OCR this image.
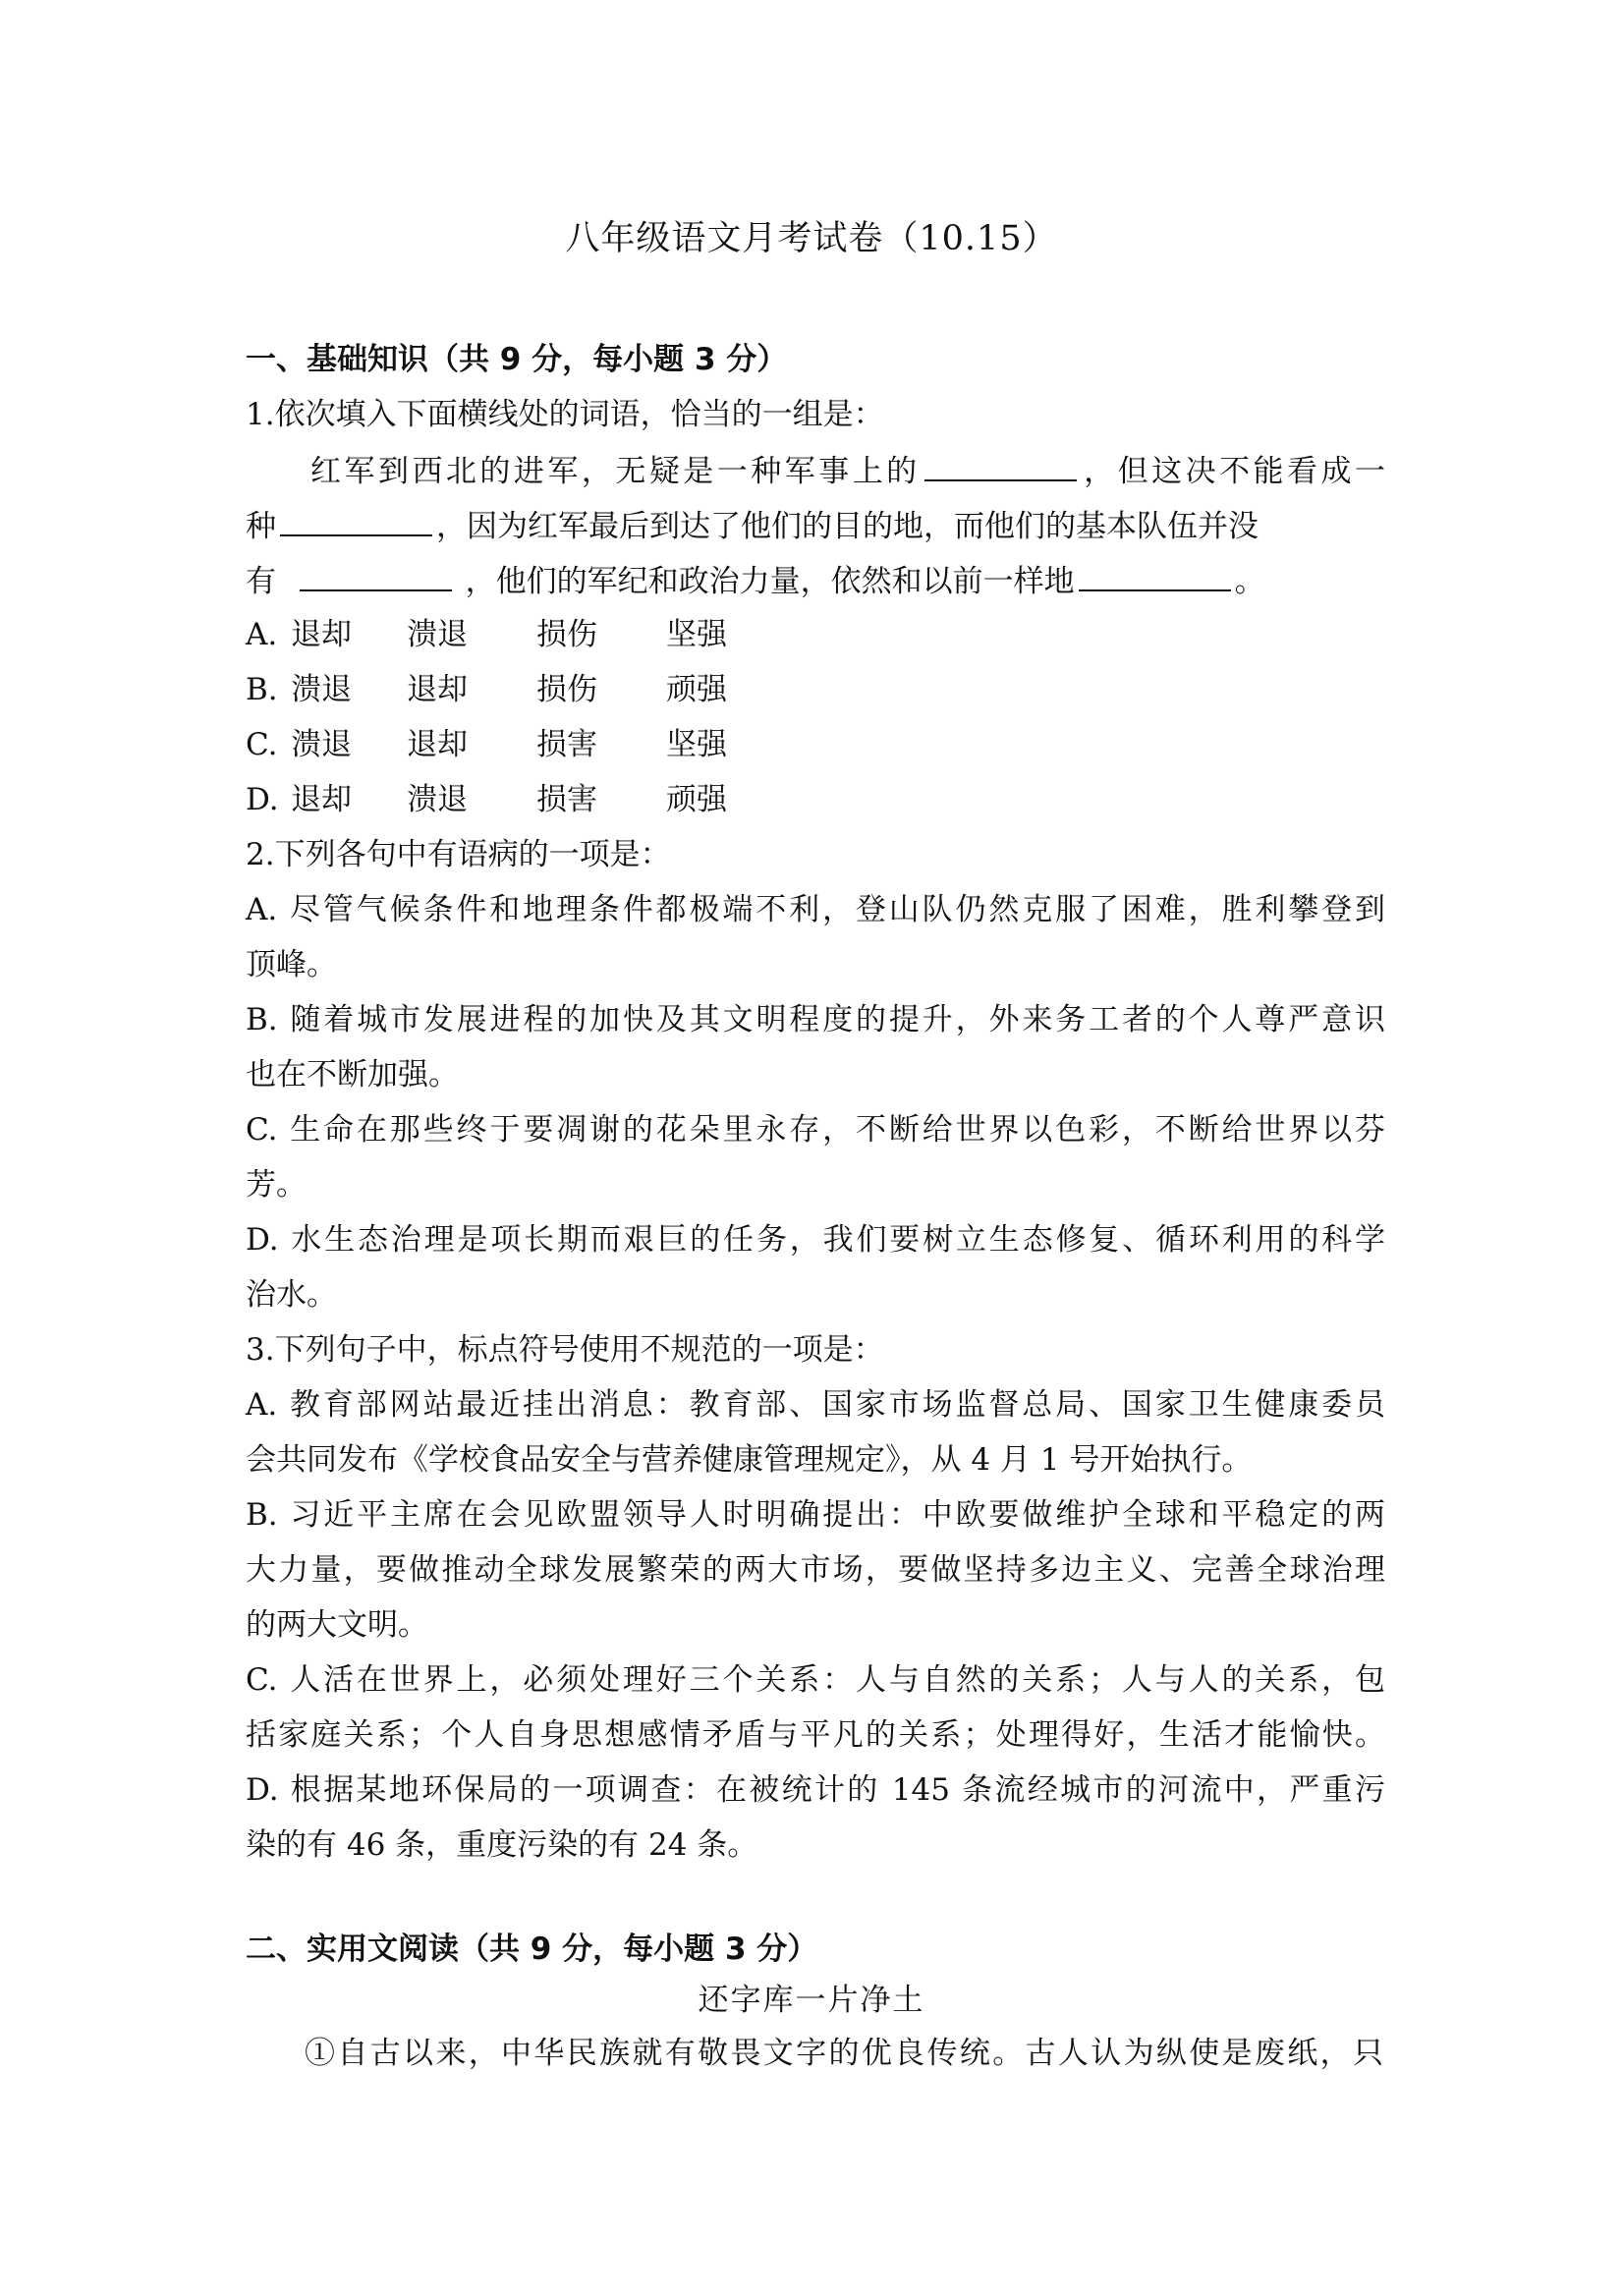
八年级语文月考试卷（10.15）
一、基础知识（共 9 分，每小题 3 分）
1.依次填入下面横线处的词语，恰当的一组是：
红军到西北的进军，无疑是一种军事上的	，但这决不能看成一
种	，因为红军最后到达了他们的目的地，而他们的基本队伍并没
有	，他们的军纪和政治力量，依然和以前一样地	。
A. 退却 溃退 损伤 坚强
B. 溃退 退却 损伤 顽强
C. 溃退 退却 损害 坚强
D. 退却 溃退 损害 顽强
2.下列各句中有语病的一项是：
A. 尽管气候条件和地理条件都极端不利，登山队仍然克服了困难，胜利攀登到
顶峰。
B. 随着城市发展进程的加快及其文明程度的提升，外来务工者的个人尊严意识
也在不断加强。
C. 生命在那些终于要凋谢的花朵里永存，不断给世界以色彩，不断给世界以芬
芳。
D. 水生态治理是项长期而艰巨的任务，我们要树立生态修复、循环利用的科学
治水。
3.下列句子中，标点符号使用不规范的一项是：
A. 教育部网站最近挂出消息：教育部、国家市场监督总局、国家卫生健康委员
会共同发布《学校食品安全与营养健康管理规定》，从 4 月 1 号开始执行。
B. 习近平主席在会见欧盟领导人时明确提出：中欧要做维护全球和平稳定的两
大力量，要做推动全球发展繁荣的两大市场，要做坚持多边主义、完善全球治理
的两大文明。
C. 人活在世界上，必须处理好三个关系：人与自然的关系；人与人的关系，包
括家庭关系；个人自身思想感情矛盾与平凡的关系；处理得好，生活才能愉快。
D. 根据某地环保局的一项调查：在被统计的 145 条流经城市的河流中，严重污
染的有 46 条，重度污染的有 24 条。
二、实用文阅读（共 9 分，每小题 3 分）
还字库一片净土
①自古以来，中华民族就有敬畏文字的优良传统。古人认为纵使是废纸，只
